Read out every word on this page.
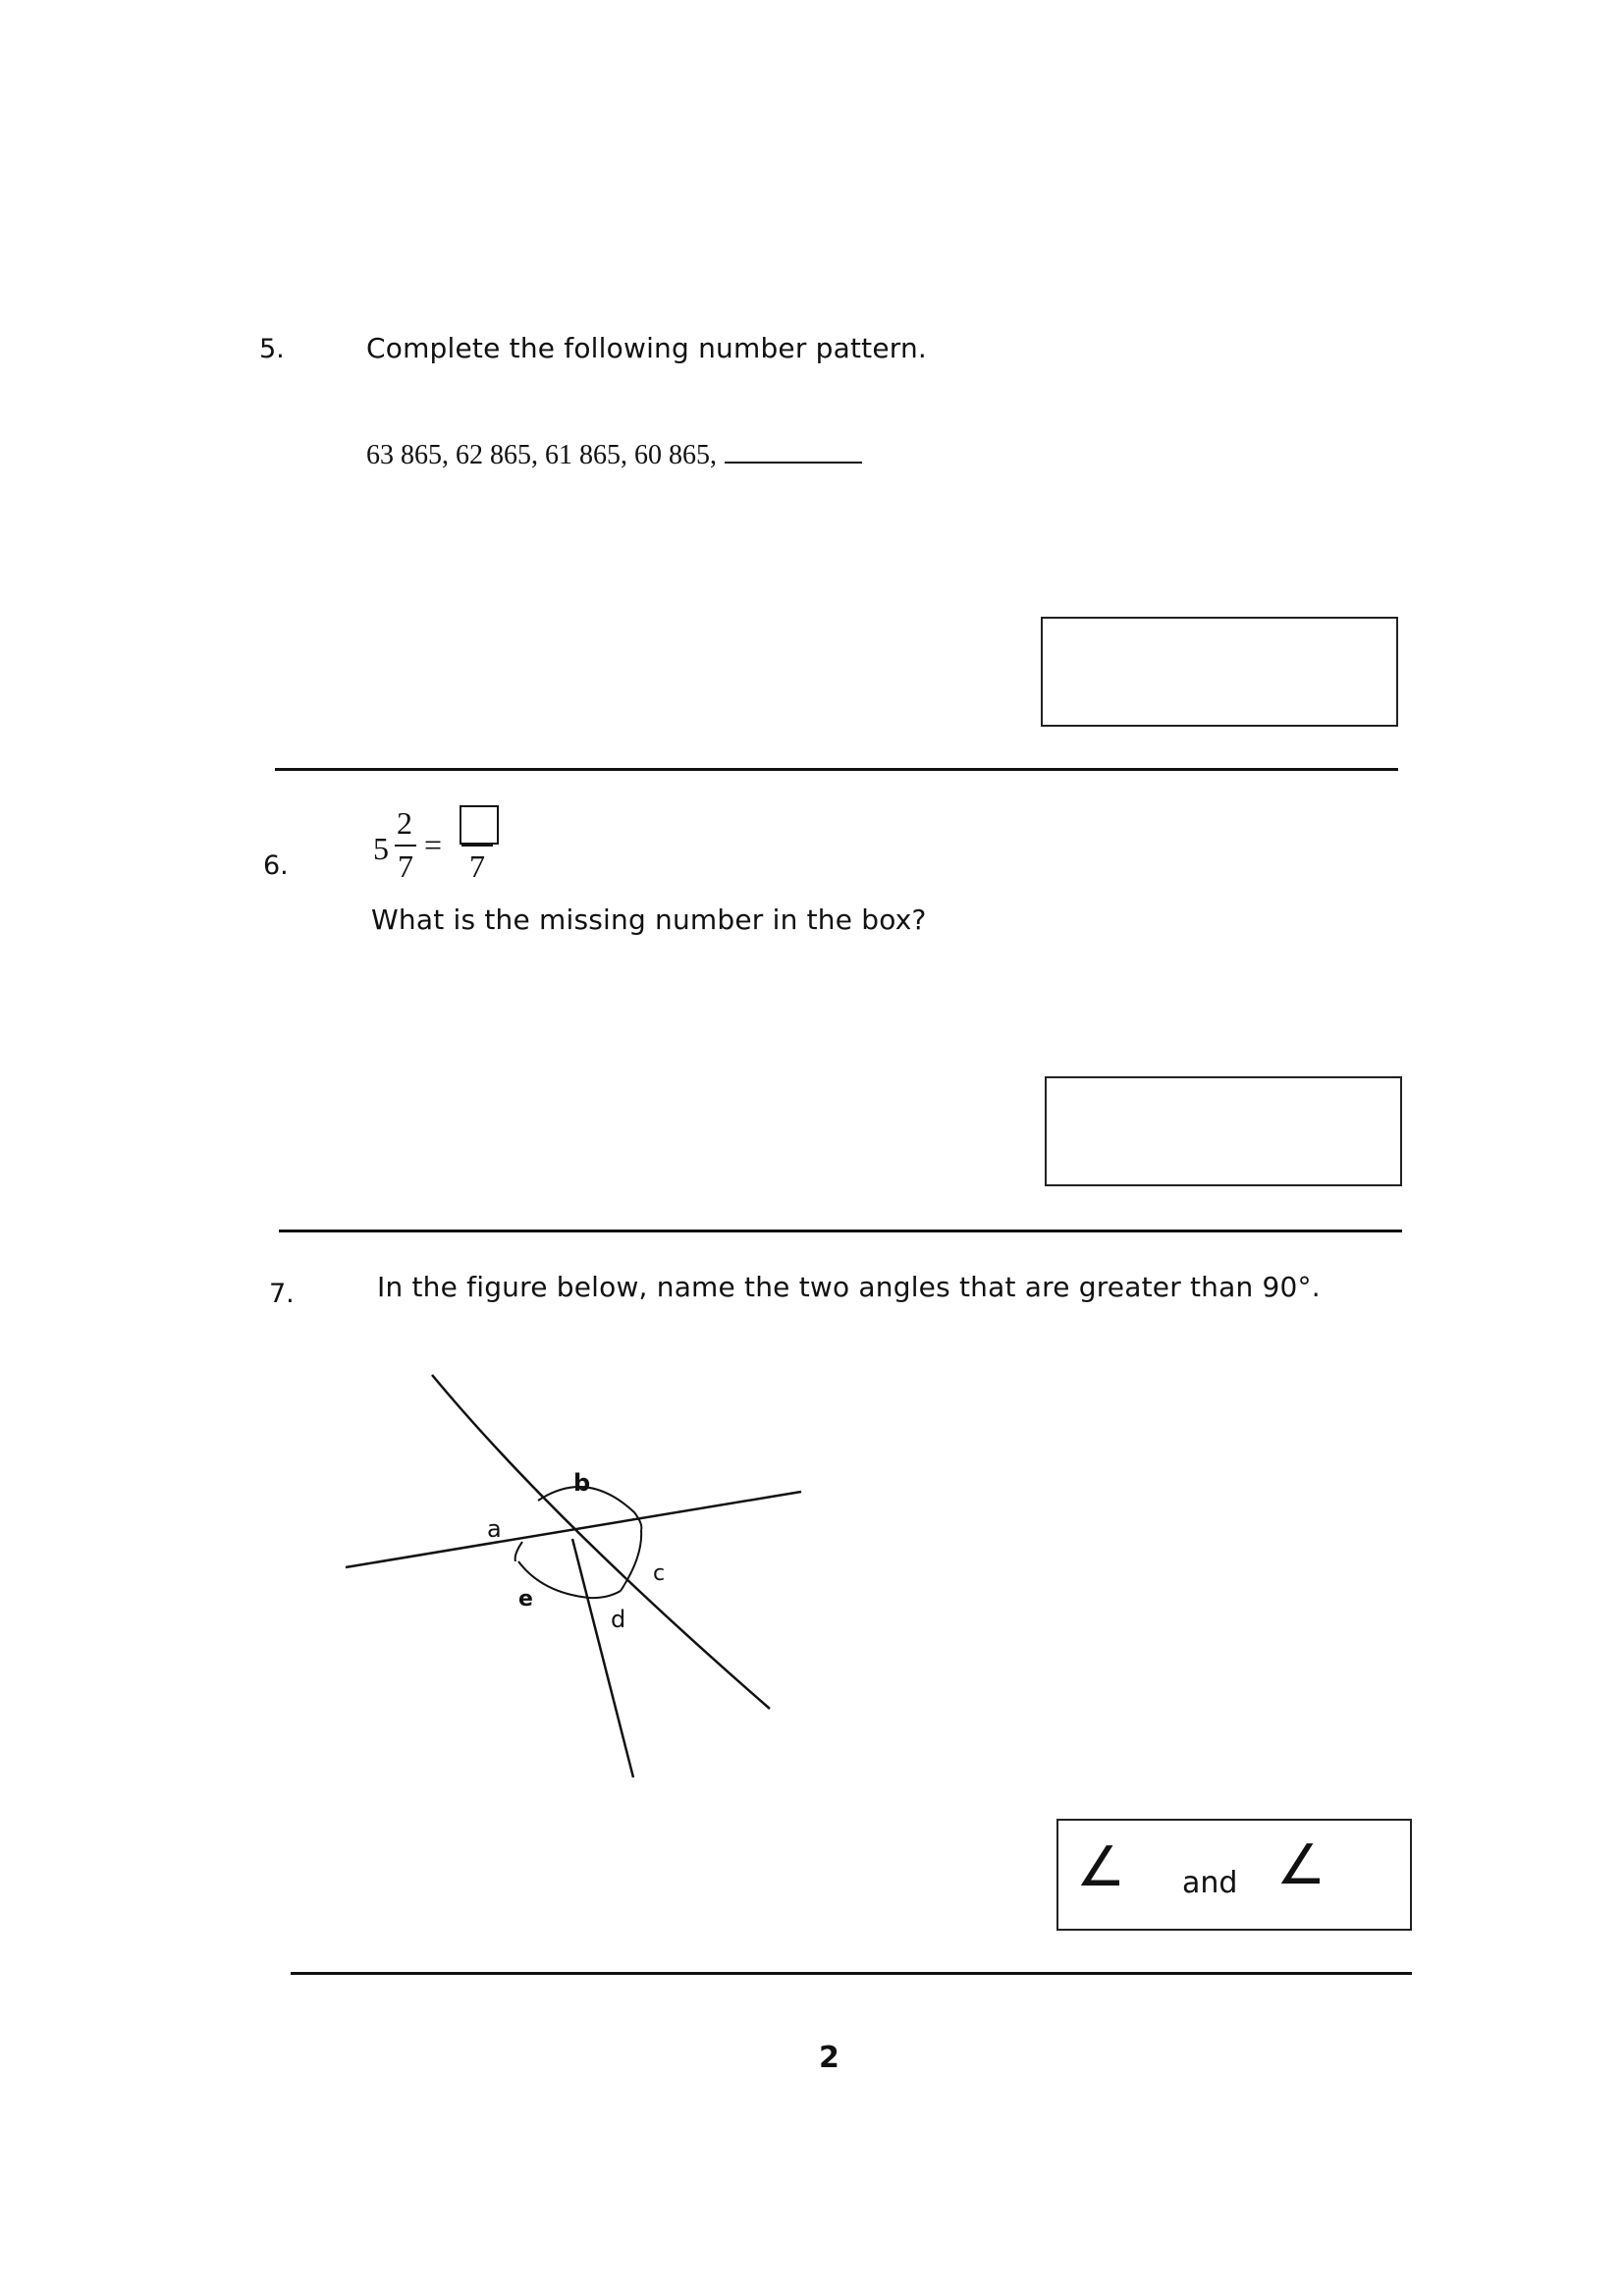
5.	Complete the following number pattern.
63 865, 62 865, 61 865, 60 865,
6.	5
2
7
=
7
What is the missing number in the box?
7.	In the figure below, name the two angles that are greater than 90°.
a
b
c
d
e
∠ and ∠
2
